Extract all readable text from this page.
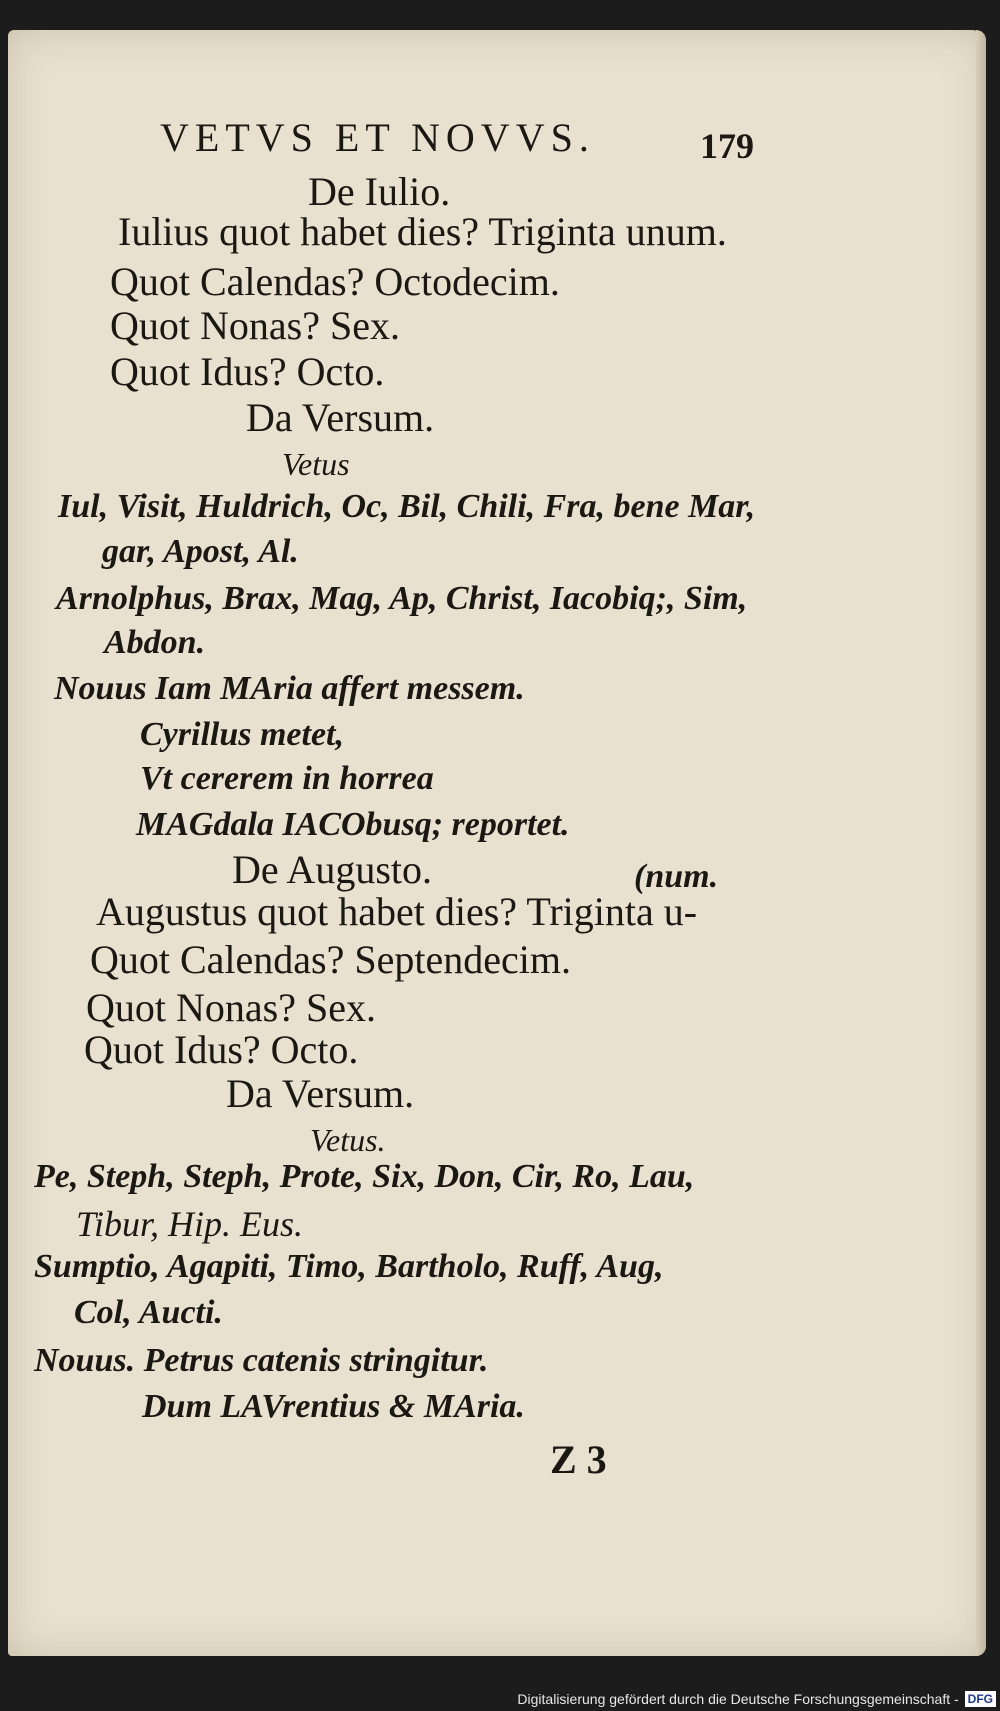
VETVS ET NOVVS.	179
De Iulio.
Iulius quot habet dies? Triginta unum.
Quot Calendas? Octodecim.
Quot Nonas? Sex.
Quot Idus? Octo.
Da Versum.
Vetus
Iul, Visit, Huldrich, Oc, Bil, Chili, Fra, bene Mar,
gar, Apost, Al.
Arnolphus, Brax, Mag, Ap, Christ, Iacobiq;, Sim,
Abdon.
Nouus Iam MAria affert messem.
Cyrillus metet,
Vt cererem in horrea
MAGdala IACObusq; reportet.
De Augusto.	(num.
Augustus quot habet dies? Triginta u-
Quot Calendas? Septendecim.
Quot Nonas? Sex.
Quot Idus? Octo.
Da Versum.
Vetus.
Pe, Steph, Steph, Prote, Six, Don, Cir, Ro, Lau,
Tibur, Hip. Eus.
Sumptio, Agapiti, Timo, Bartholo, Ruff, Aug,
Col, Aucti.
Nouus. Petrus catenis stringitur.
Dum LAVrentius & MAria.
Z 3
Digitalisierung gefördert durch die Deutsche Forschungsgemeinschaft - DFG
